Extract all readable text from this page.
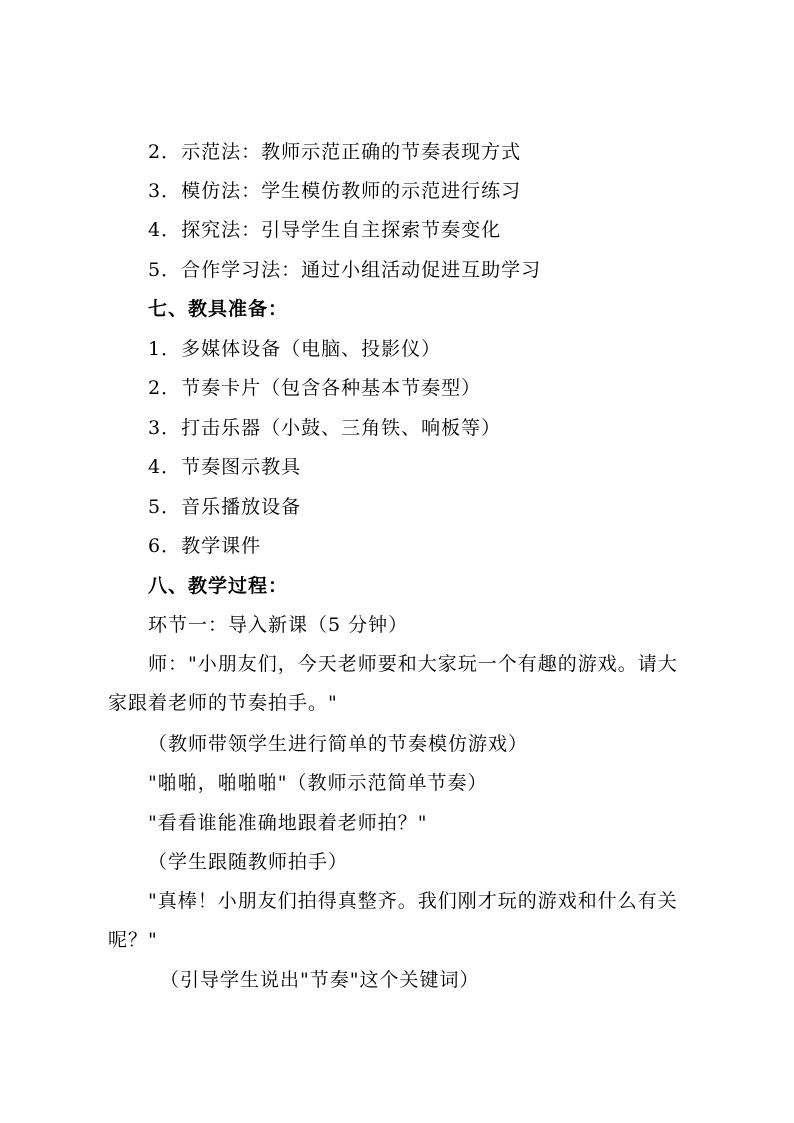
2．示范法：教师示范正确的节奏表现方式
3．模仿法：学生模仿教师的示范进行练习
4．探究法：引导学生自主探索节奏变化
5．合作学习法：通过小组活动促进互助学习
七、教具准备：
1．多媒体设备（电脑、投影仪）
2．节奏卡片（包含各种基本节奏型）
3．打击乐器（小鼓、三角铁、响板等）
4．节奏图示教具
5．音乐播放设备
6．教学课件
八、教学过程：
环节一：导入新课（5 分钟）
师："小朋友们，今天老师要和大家玩一个有趣的游戏。请大家跟着老师的节奏拍手。"
（教师带领学生进行简单的节奏模仿游戏）
"啪啪，啪啪啪"（教师示范简单节奏）
"看看谁能准确地跟着老师拍？"
（学生跟随教师拍手）
"真棒！小朋友们拍得真整齐。我们刚才玩的游戏和什么有关呢？"
（引导学生说出"节奏"这个关键词）
